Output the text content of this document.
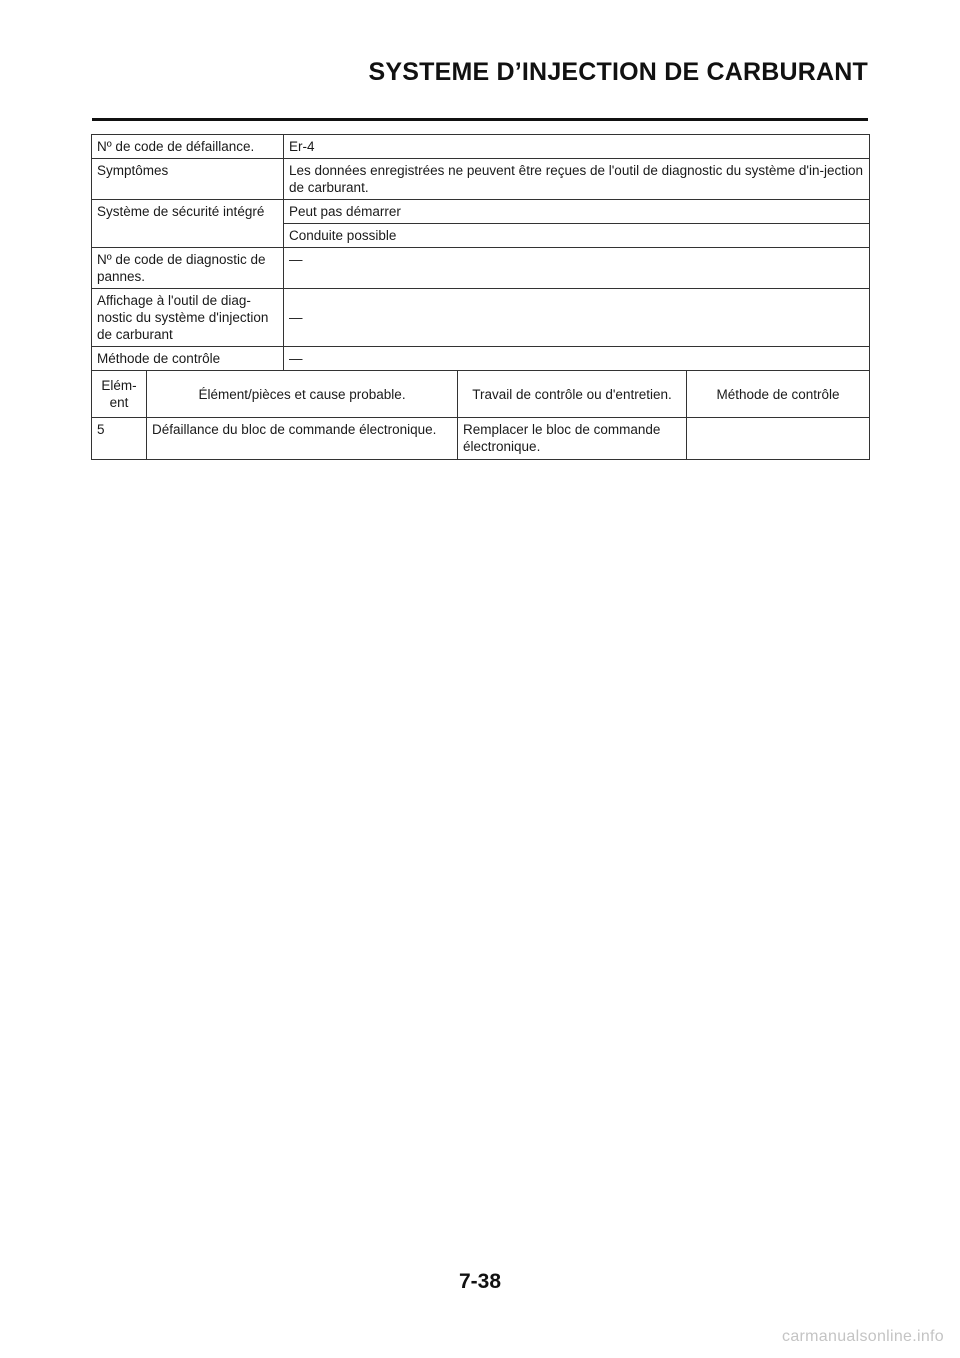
SYSTEME D’INJECTION DE CARBURANT
Nº de code de défaillance.		Er-4		
Symptômes		Les données enregistrées ne peuvent être reçues de l'outil de diagnostic du système d'in-jection de carburant.		
Système de sécurité intégré		Peut pas démarrer		
		Conduite possible		
Nº de code de diagnostic de pannes.		—		
Affichage à l'outil de diag-nostic du système d'injection de carburant		—		
Méthode de contrôle		—		
Elém-ent	Élément/pièces et cause probable.		Travail de contrôle ou d'entretien.	Méthode de contrôle
5	Défaillance du bloc de commande électronique.		Remplacer le bloc de commande électronique.	
7-38
carmanualsonline.info
